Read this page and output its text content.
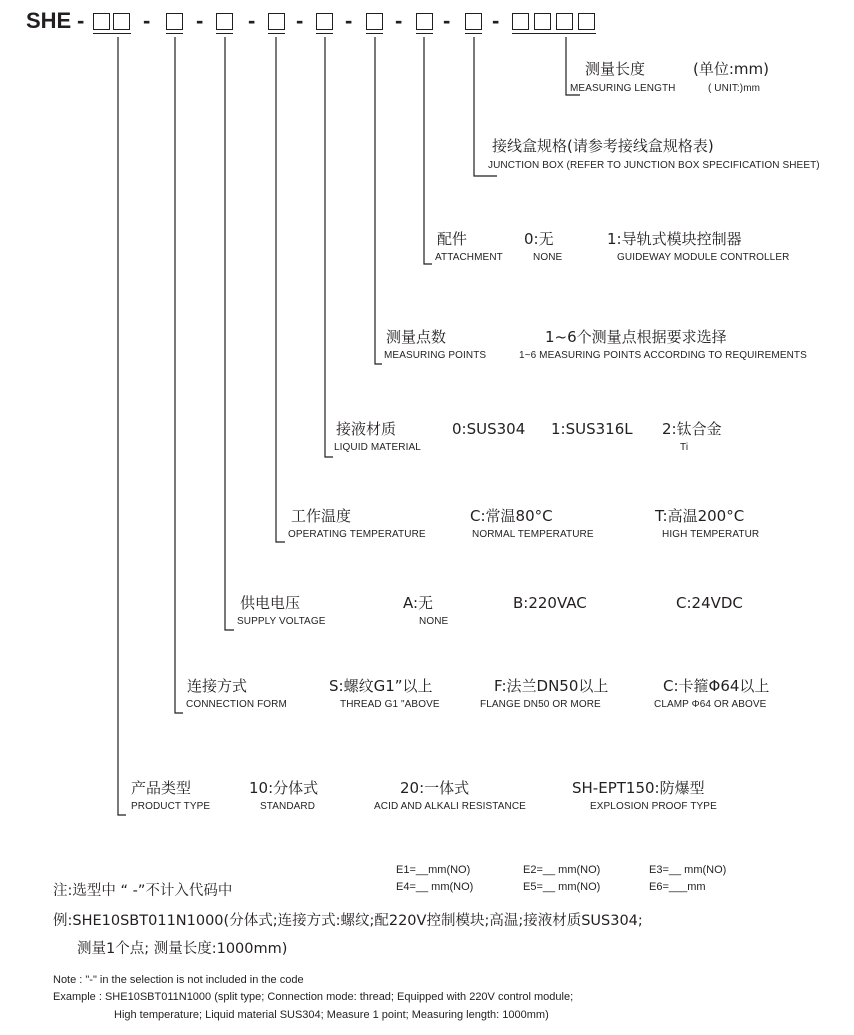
SHE -	- - - - - - - -
测量长度	(单位:mm)
MEASURING LENGTH	( UNIT:)mm
接线盒规格(请参考接线盒规格表)
JUNCTION BOX (REFER TO JUNCTION BOX SPECIFICATION SHEET)
配件
ATTACHMENT
0:无
NONE
1:导轨式模块控制器
GUIDEWAY MODULE CONTROLLER
测量点数
MEASURING POINTS
1~6个测量点根据要求选择
1~6 MEASURING POINTS ACCORDING TO REQUIREMENTS
接液材质
LIQUID MATERIAL
0:SUS304 1:SUS316L 2:钛合金
Ti
工作温度
OPERATING TEMPERATURE
C:常温80°C
NORMAL TEMPERATURE
T:高温200°C
HIGH TEMPERATUR
供电电压
SUPPLY VOLTAGE
A:无
NONE
B:220VAC	C:24VDC
连接方式
CONNECTION FORM
S:螺纹G1”以上
THREAD G1 "ABOVE
F:法兰DN50以上
FLANGE DN50 OR MORE
C:卡箍Φ64以上
CLAMP Φ64 OR ABOVE
产品类型
PRODUCT TYPE
10:分体式
STANDARD
20:一体式
ACID AND ALKALI RESISTANCE
SH-EPT150:防爆型
EXPLOSION PROOF TYPE
E1=__mm(NO)	E2=__ mm(NO)	E3=__ mm(NO)
E4=__ mm(NO)	E5=__ mm(NO)	E6=___mm
注:选型中 “ -”不计入代码中
例:SHE10SBT011N1000(分体式;连接方式:螺纹;配220V控制模块;高温;接液材质SUS304;
测量1个点; 测量长度:1000mm)
Note : "-" in the selection is not included in the code
Example : SHE10SBT011N1000 (split type; Connection mode: thread; Equipped with 220V control module;
High temperature; Liquid material SUS304; Measure 1 point; Measuring length: 1000mm)
